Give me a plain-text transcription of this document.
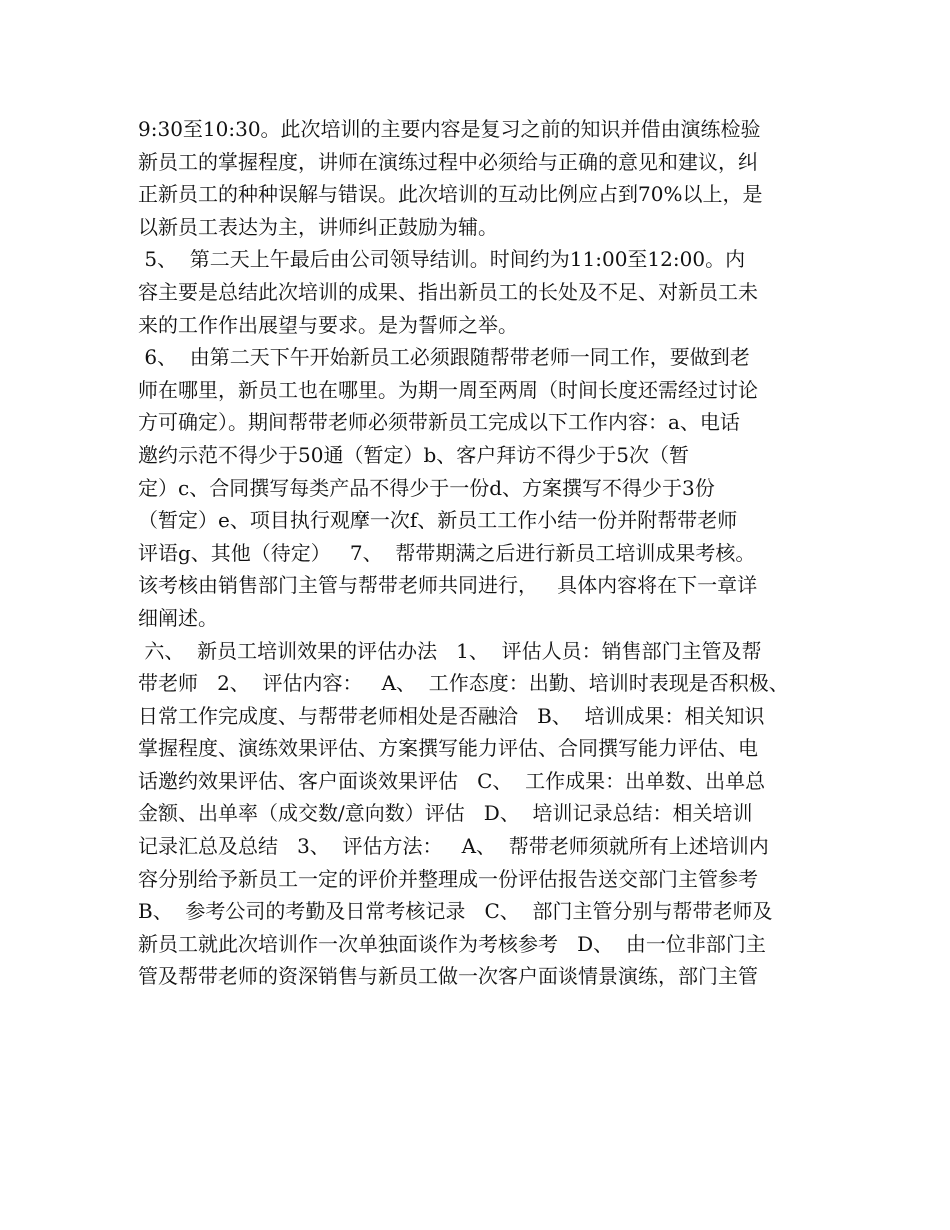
9:30至10:30。此次培训的主要内容是复习之前的知识并借由演练检验
新员工的掌握程度，讲师在演练过程中必须给与正确的意见和建议，纠
正新员工的种种误解与错误。此次培训的互动比例应占到70%以上，是
以新员工表达为主，讲师纠正鼓励为辅。
5、  第二天上午最后由公司领导结训。时间约为11:00至12:00。内
容主要是总结此次培训的成果、指出新员工的长处及不足、对新员工未
来的工作作出展望与要求。是为誓师之举。
6、  由第二天下午开始新员工必须跟随帮带老师一同工作，要做到老
师在哪里，新员工也在哪里。为期一周至两周（时间长度还需经过讨论
方可确定）。期间帮带老师必须带新员工完成以下工作内容：a、电话
邀约示范不得少于50通（暂定）b、客户拜访不得少于5次（暂
定）c、合同撰写每类产品不得少于一份d、方案撰写不得少于3份
（暂定）e、项目执行观摩一次f、新员工工作小结一份并附帮带老师
评语g、其他（待定）   7、  帮带期满之后进行新员工培训成果考核。
该考核由销售部门主管与帮带老师共同进行，   具体内容将在下一章详
细阐述。
六、  新员工培训效果的评估办法   1、  评估人员：销售部门主管及帮
带老师   2、  评估内容：   A、  工作态度：出勤、培训时表现是否积极、
日常工作完成度、与帮带老师相处是否融洽   B、  培训成果：相关知识
掌握程度、演练效果评估、方案撰写能力评估、合同撰写能力评估、电
话邀约效果评估、客户面谈效果评估   C、  工作成果：出单数、出单总
金额、出单率（成交数/意向数）评估   D、  培训记录总结：相关培训
记录汇总及总结   3、  评估方法：   A、  帮带老师须就所有上述培训内
容分别给予新员工一定的评价并整理成一份评估报告送交部门主管参考
B、  参考公司的考勤及日常考核记录   C、  部门主管分别与帮带老师及
新员工就此次培训作一次单独面谈作为考核参考   D、  由一位非部门主
管及帮带老师的资深销售与新员工做一次客户面谈情景演练，部门主管
